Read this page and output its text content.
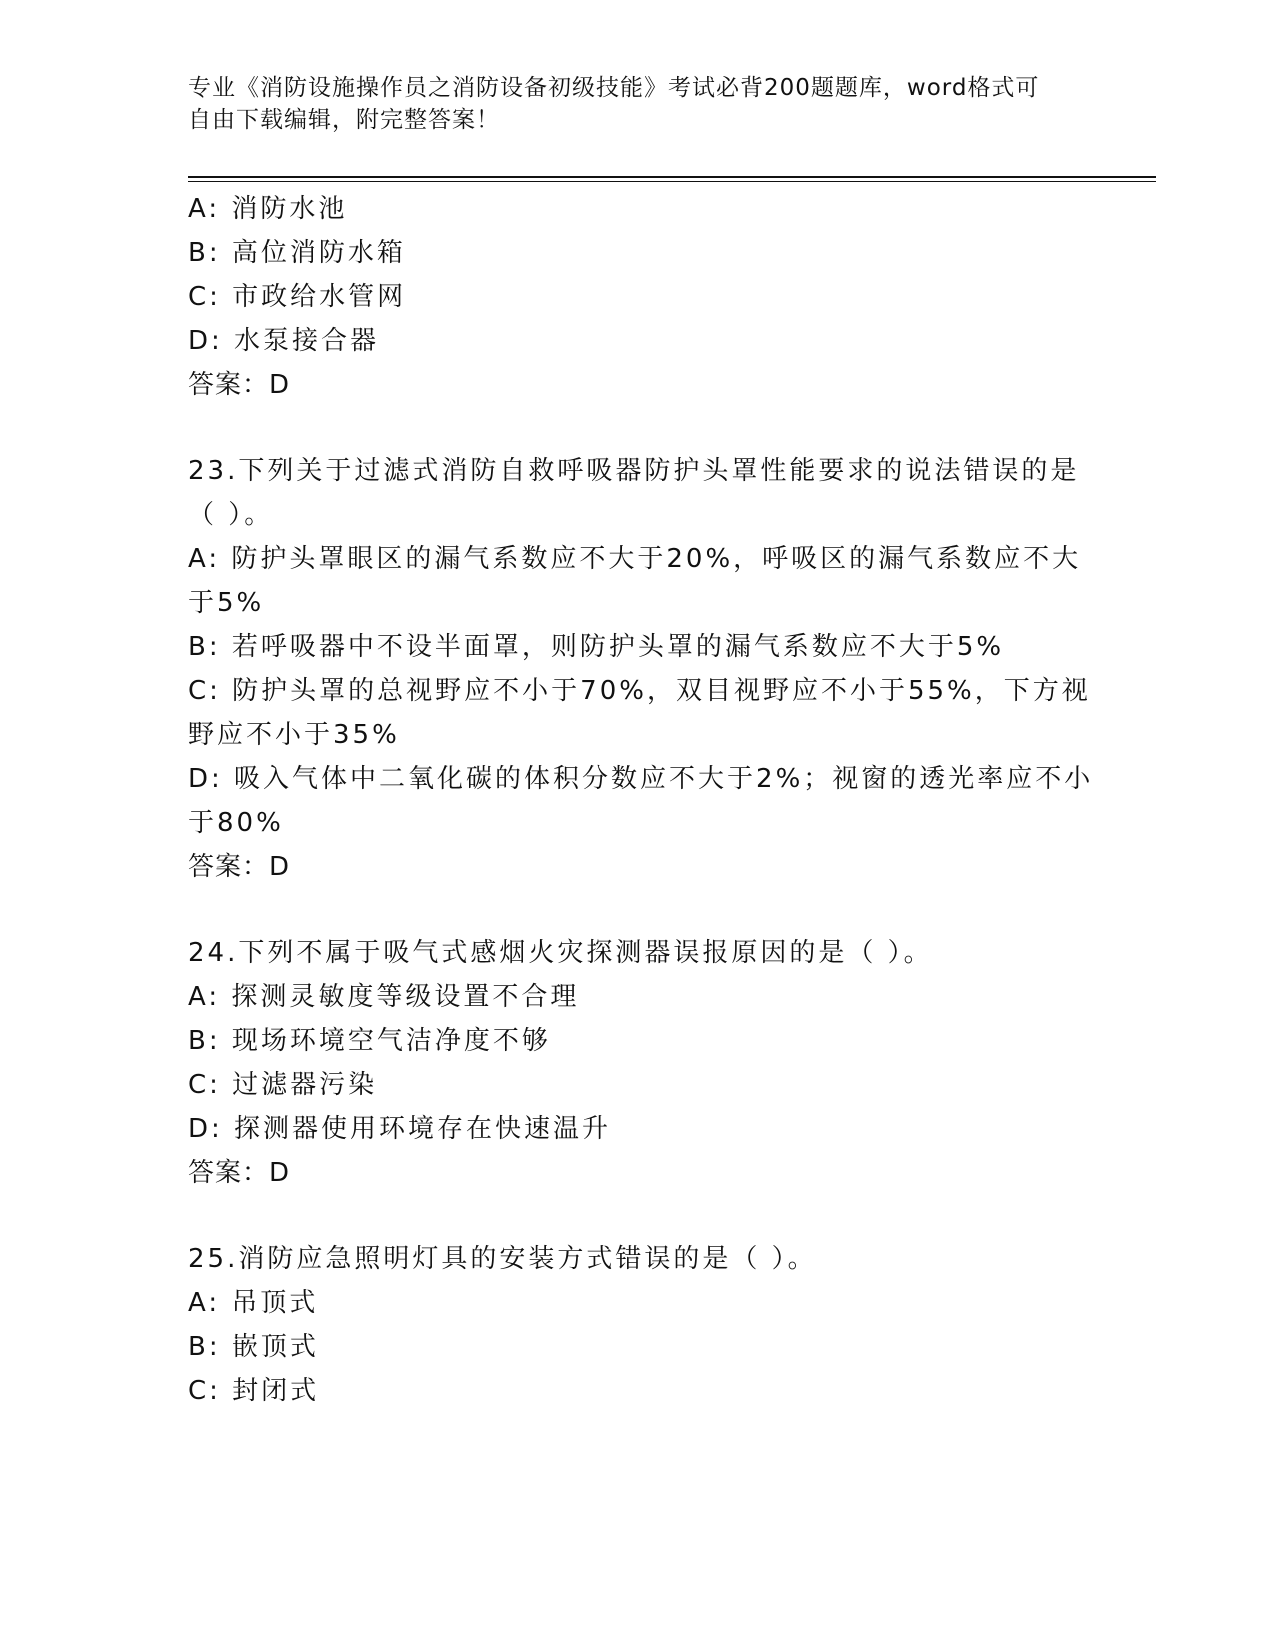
专业《消防设施操作员之消防设备初级技能》考试必背200题题库，word格式可
自由下载编辑，附完整答案！
A: 消防水池
B: 高位消防水箱
C: 市政给水管网
D: 水泵接合器
答案：D
23.下列关于过滤式消防自救呼吸器防护头罩性能要求的说法错误的是
（ ）。
A: 防护头罩眼区的漏气系数应不大于20%，呼吸区的漏气系数应不大
于5%
B: 若呼吸器中不设半面罩，则防护头罩的漏气系数应不大于5%
C: 防护头罩的总视野应不小于70%，双目视野应不小于55%，下方视
野应不小于35%
D: 吸入气体中二氧化碳的体积分数应不大于2%；视窗的透光率应不小
于80%
答案：D
24.下列不属于吸气式感烟火灾探测器误报原因的是（ ）。
A: 探测灵敏度等级设置不合理
B: 现场环境空气洁净度不够
C: 过滤器污染
D: 探测器使用环境存在快速温升
答案：D
25.消防应急照明灯具的安装方式错误的是（ ）。
A: 吊顶式
B: 嵌顶式
C: 封闭式
